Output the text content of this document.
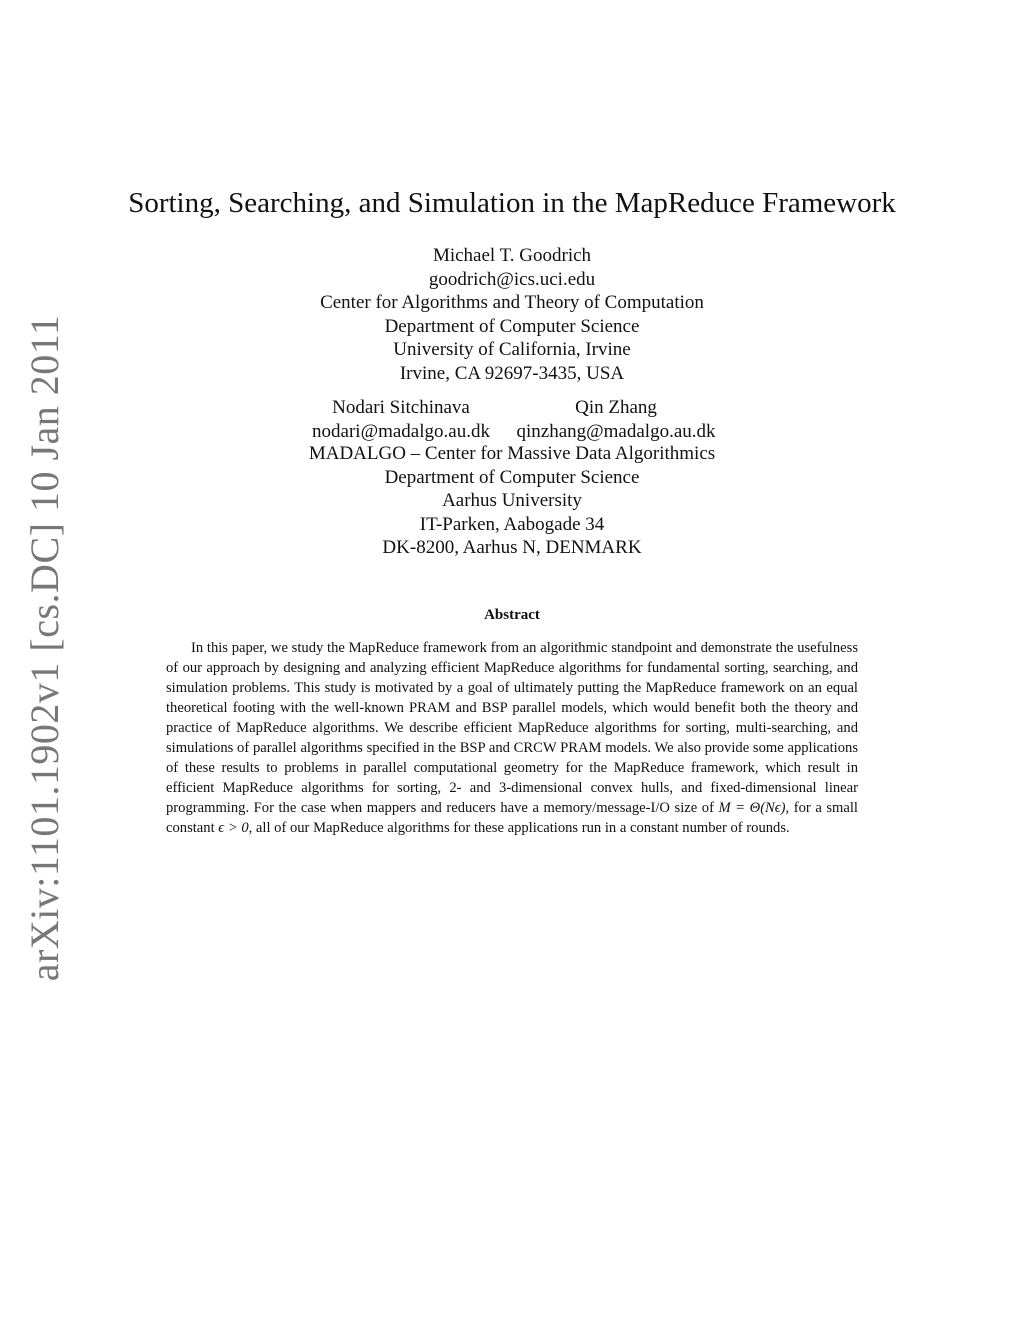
arXiv:1101.1902v1 [cs.DC] 10 Jan 2011
Sorting, Searching, and Simulation in the MapReduce Framework
Michael T. Goodrich
goodrich@ics.uci.edu
Center for Algorithms and Theory of Computation
Department of Computer Science
University of California, Irvine
Irvine, CA 92697-3435, USA
Nodari Sitchinava
nodari@madalgo.au.dk
Qin Zhang
qinzhang@madalgo.au.dk
MADALGO – Center for Massive Data Algorithmics
Department of Computer Science
Aarhus University
IT-Parken, Aabogade 34
DK-8200, Aarhus N, DENMARK
Abstract

In this paper, we study the MapReduce framework from an algorithmic standpoint and demonstrate the usefulness of our approach by designing and analyzing efficient MapReduce algorithms for fundamental sorting, searching, and simulation problems. This study is motivated by a goal of ultimately putting the MapReduce framework on an equal theoretical footing with the well-known PRAM and BSP parallel models, which would benefit both the theory and practice of MapReduce algorithms. We describe efficient MapReduce algorithms for sorting, multi-searching, and simulations of parallel algorithms specified in the BSP and CRCW PRAM models. We also provide some applications of these results to problems in parallel computational geometry for the MapReduce framework, which result in efficient MapReduce algorithms for sorting, 2- and 3-dimensional convex hulls, and fixed-dimensional linear programming. For the case when mappers and reducers have a memory/message-I/O size of M = Θ(Nϵ), for a small constant ϵ > 0, all of our MapReduce algorithms for these applications run in a constant number of rounds.
